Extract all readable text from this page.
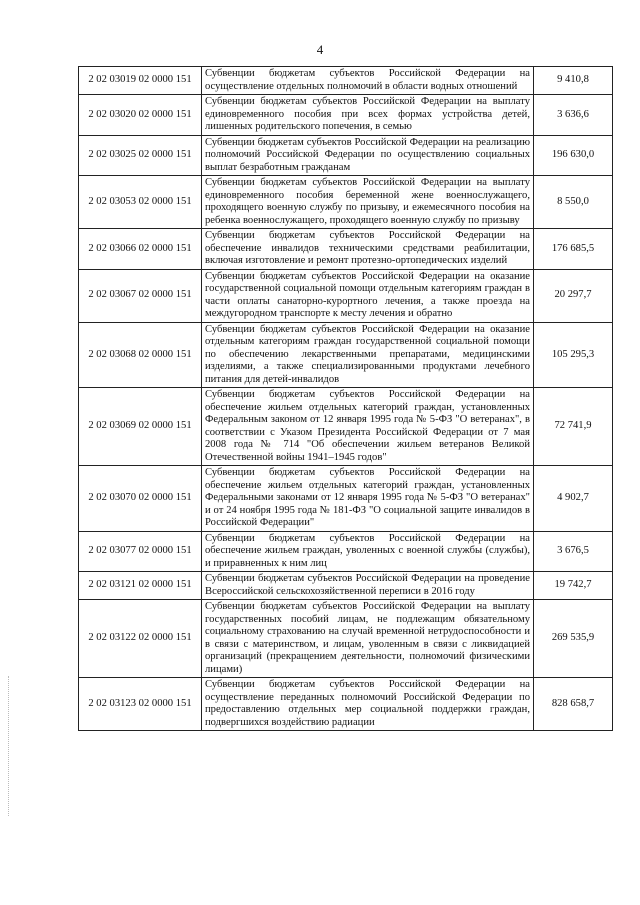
4
2 02 03019 02 0000 151	Субвенции бюджетам субъектов Российской Федерации на осуществление отдельных полномочий в области водных отношений	9 410,8
2 02 03020 02 0000 151	Субвенции бюджетам субъектов Российской Федерации на выплату единовременного пособия при всех формах устройства детей, лишенных родительского попечения, в семью	3 636,6
2 02 03025 02 0000 151	Субвенции бюджетам субъектов Российской Федерации на реализацию полномочий Российской Федерации по осуществлению социальных выплат безработным гражданам	196 630,0
2 02 03053 02 0000 151	Субвенции бюджетам субъектов Российской Федерации на выплату единовременного пособия беременной жене военнослужащего, проходящего военную службу по призыву, и ежемесячного пособия на ребенка военнослужащего, проходящего военную службу по призыву	8 550,0
2 02 03066 02 0000 151	Субвенции бюджетам субъектов Российской Федерации на обеспечение инвалидов техническими средствами реабилитации, включая изготовление и ремонт протезно-ортопедических изделий	176 685,5
2 02 03067 02 0000 151	Субвенции бюджетам субъектов Российской Федерации на оказание государственной социальной помощи отдельным категориям граждан в части оплаты санаторно-курортного лечения, а также проезда на междугородном транспорте к месту лечения и обратно	20 297,7
2 02 03068 02 0000 151	Субвенции бюджетам субъектов Российской Федерации на оказание отдельным категориям граждан государственной социальной помощи по обеспечению лекарственными препаратами, медицинскими изделиями, а также специализированными продуктами лечебного питания для детей-инвалидов	105 295,3
2 02 03069 02 0000 151	Субвенции бюджетам субъектов Российской Федерации на обеспечение жильем отдельных категорий граждан, установленных Федеральным законом от 12 января 1995 года № 5-ФЗ "О ветеранах", в соответствии с Указом Президента Российской Федерации от 7 мая 2008 года № 714 "Об обеспечении жильем ветеранов Великой Отечественной войны 1941–1945 годов"	72 741,9
2 02 03070 02 0000 151	Субвенции бюджетам субъектов Российской Федерации на обеспечение жильем отдельных категорий граждан, установленных Федеральными законами от 12 января 1995 года № 5-ФЗ "О ветеранах" и от 24 ноября 1995 года № 181-ФЗ "О социальной защите инвалидов в Российской Федерации"	4 902,7
2 02 03077 02 0000 151	Субвенции бюджетам субъектов Российской Федерации на обеспечение жильем граждан, уволенных с военной службы (службы), и приравненных к ним лиц	3 676,5
2 02 03121 02 0000 151	Субвенции бюджетам субъектов Российской Федерации на проведение Всероссийской сельскохозяйственной переписи в 2016 году	19 742,7
2 02 03122 02 0000 151	Субвенции бюджетам субъектов Российской Федерации на выплату государственных пособий лицам, не подлежащим обязательному социальному страхованию на случай временной нетрудоспособности и в связи с материнством, и лицам, уволенным в связи с ликвидацией организаций (прекращением деятельности, полномочий физическими лицами)	269 535,9
2 02 03123 02 0000 151	Субвенции бюджетам субъектов Российской Федерации на осуществление переданных полномочий Российской Федерации по предоставлению отдельных мер социальной поддержки граждан, подвергшихся воздействию радиации	828 658,7
